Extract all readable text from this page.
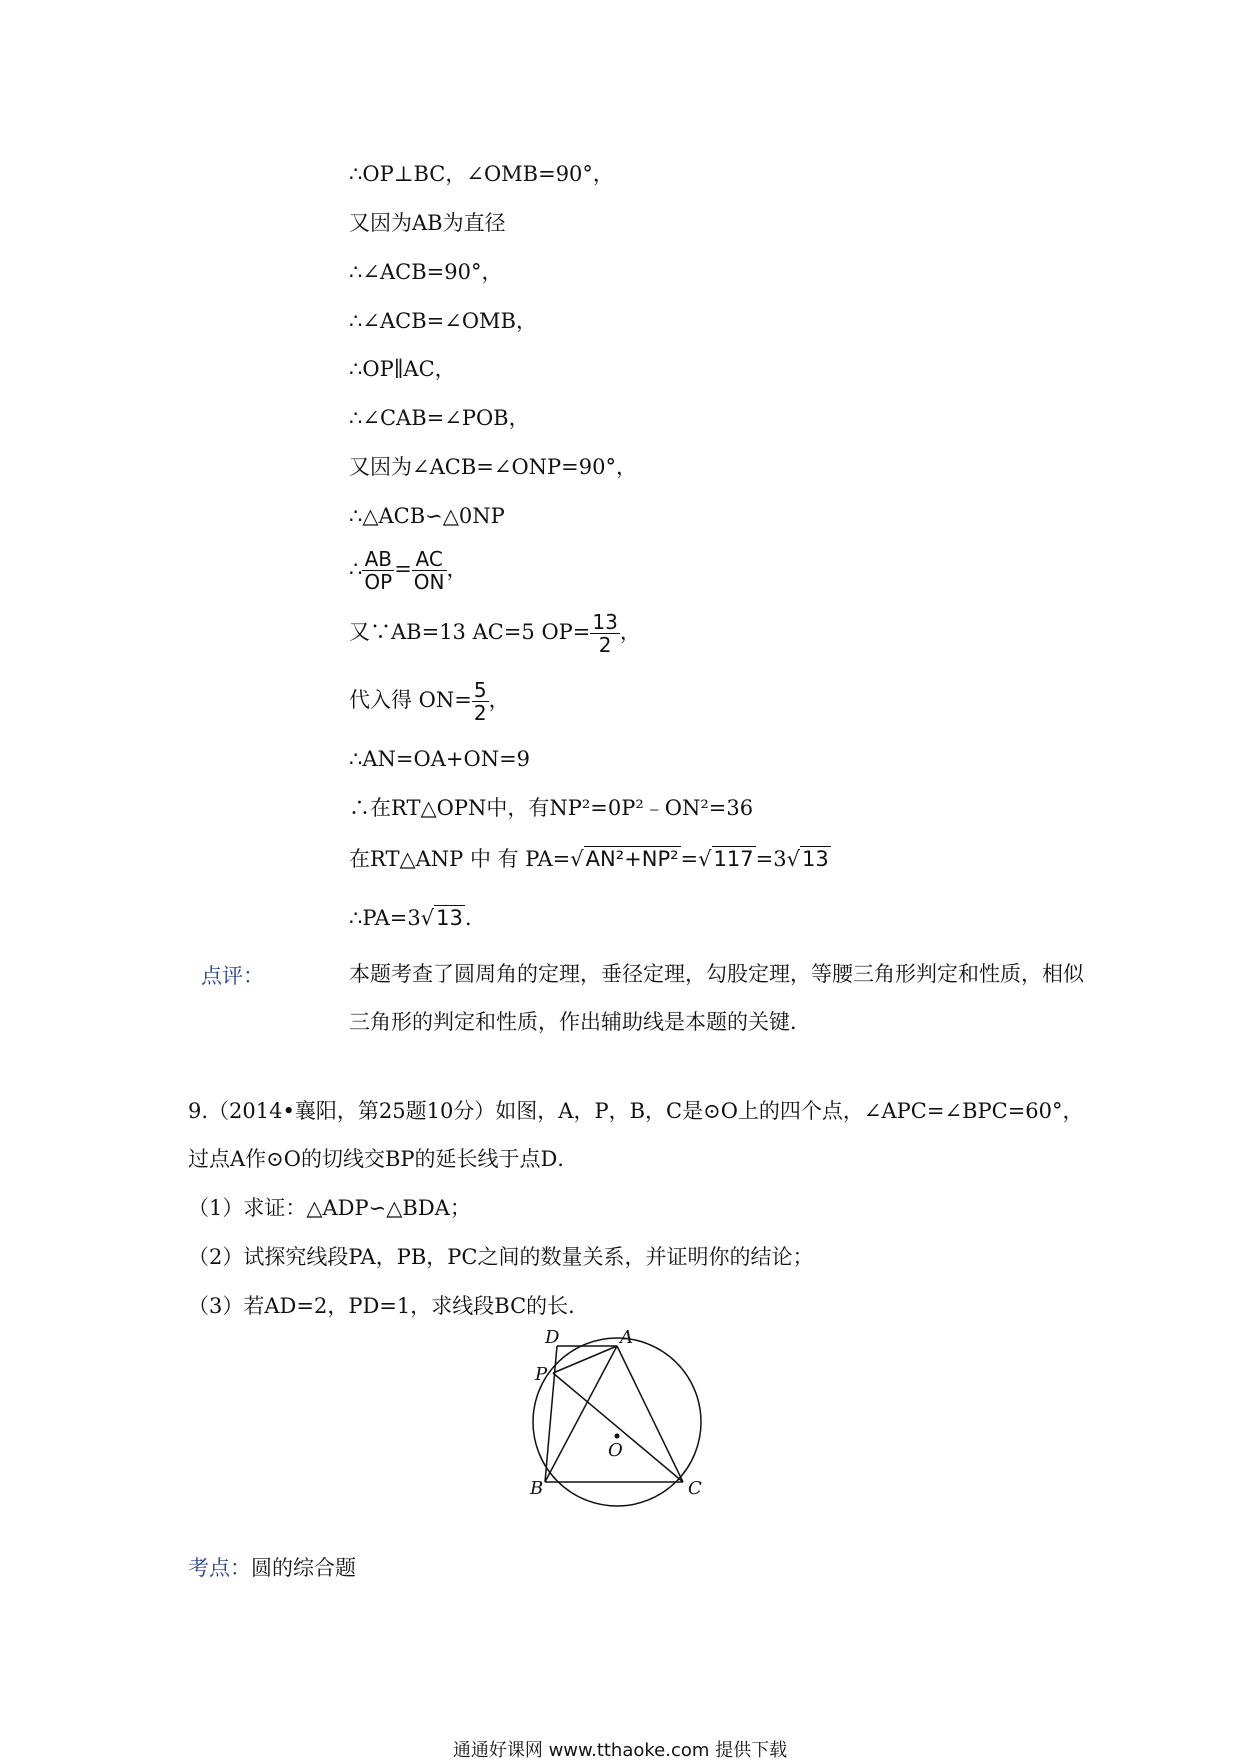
∴OP⊥BC，∠OMB=90°，
又因为AB为直径
∴∠ACB=90°，
∴∠ACB=∠OMB，
∴OP∥AC，
∴∠CAB=∠POB，
又因为∠ACB=∠ONP=90°，
∴△ACB∽△0NP
∴ $\frac{AB}{OP} = \frac{AC}{ON}$ ，
又∵AB=13 AC=5 $OP= \frac{13}{2}$ ，
代入得 $ON= \frac{5}{2}$ ，
∴AN=OA+ON=9
∴在RT△OPN中，有NP²=0P²﹣ON²=36
在RT△ANP 中 有 PA=√AN²+NP²=√117=3√13
∴PA=3√13.
点评：	本题考查了圆周角的定理，垂径定理，勾股定理，等腰三角形判定和性质，相似三角形的判定和性质，作出辅助线是本题的关键．
9.（2014•襄阳，第25题10分）如图，A，P，B，C是⊙O上的四个点，∠APC=∠BPC=60°，
过点A作⊙O的切线交BP的延长线于点D．
（1）求证：△ADP∽△BDA；
（2）试探究线段PA，PB，PC之间的数量关系，并证明你的结论；
（3）若AD=2，PD=1，求线段BC的长．
D	A
P
O
B	C
考点：圆的综合题
通通好课网 www.tthaoke.com 提供下载
